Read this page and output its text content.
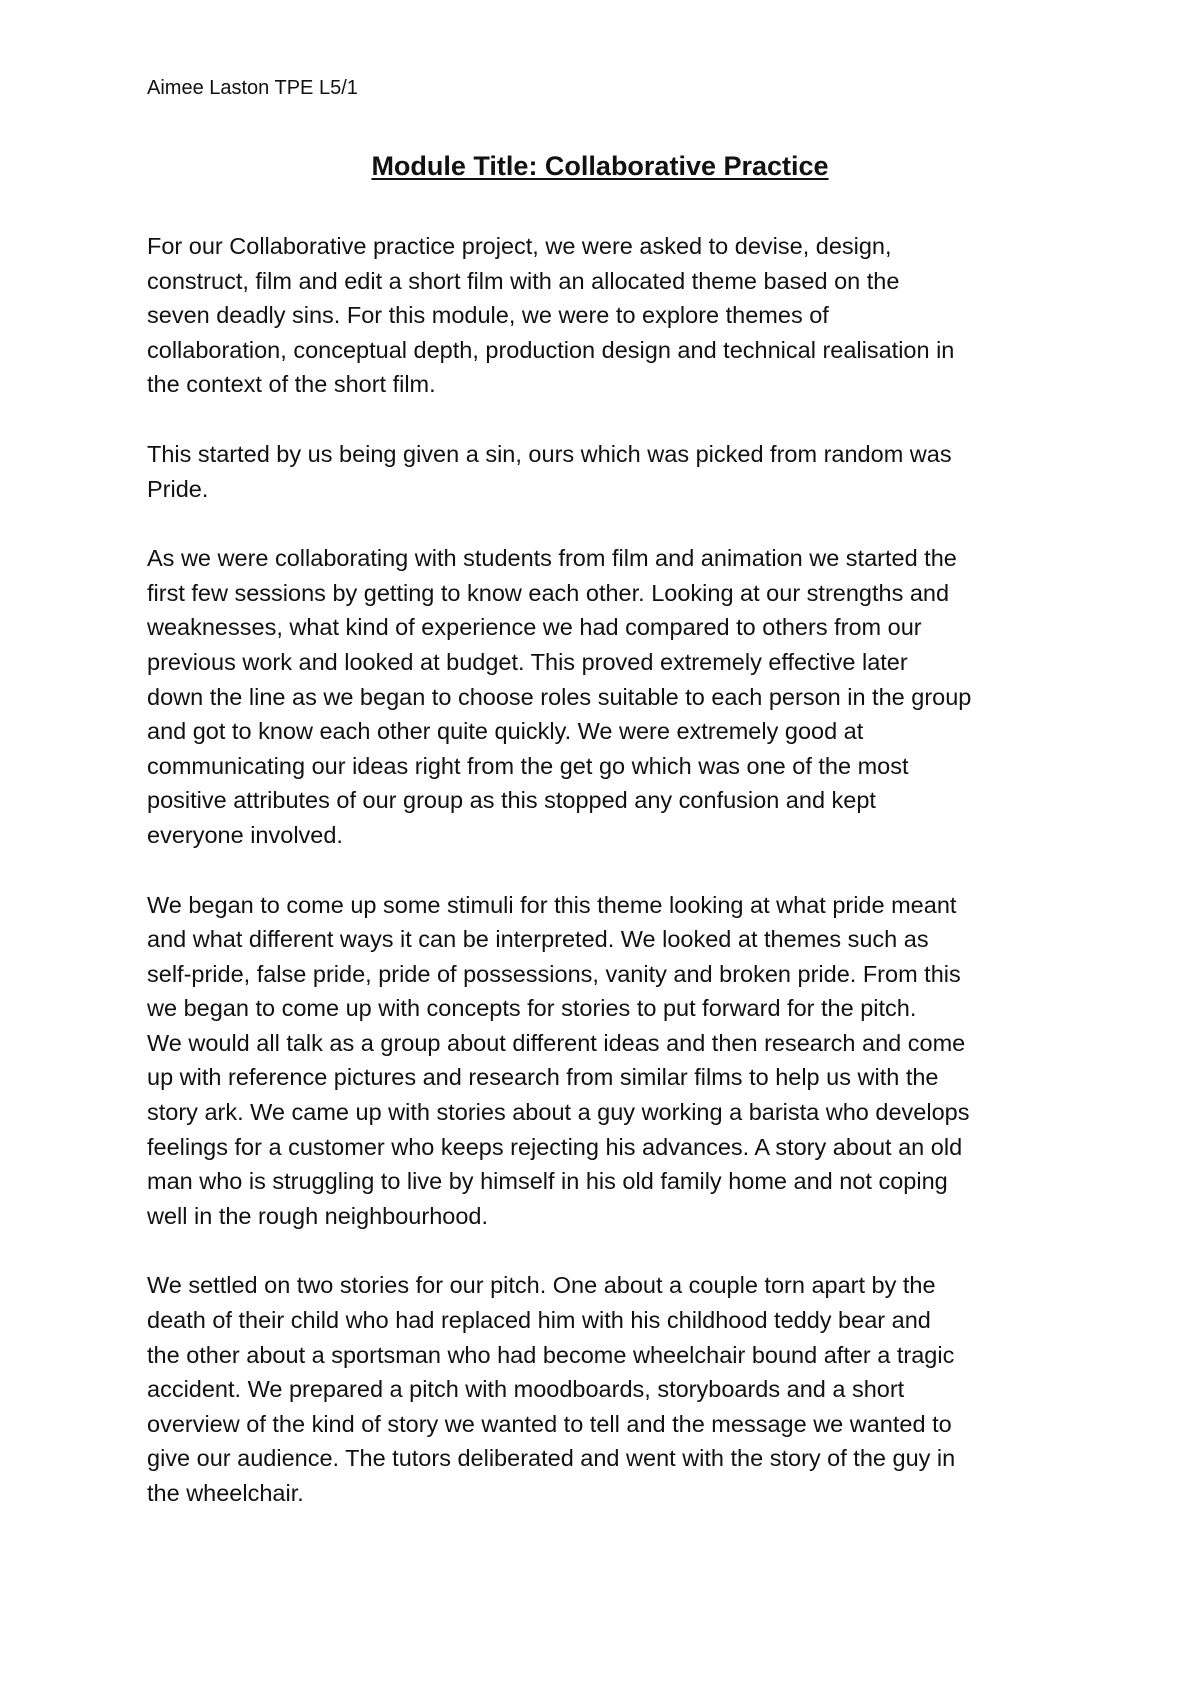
Aimee Laston TPE L5/1
Module Title: Collaborative Practice

For our Collaborative practice project, we were asked to devise, design,
construct, film and edit a short film with an allocated theme based on the
seven deadly sins. For this module, we were to explore themes of
collaboration, conceptual depth, production design and technical realisation in
the context of the short film.

This started by us being given a sin, ours which was picked from random was
Pride.

As we were collaborating with students from film and animation we started the
first few sessions by getting to know each other. Looking at our strengths and
weaknesses, what kind of experience we had compared to others from our
previous work and looked at budget. This proved extremely effective later
down the line as we began to choose roles suitable to each person in the group
and got to know each other quite quickly. We were extremely good at
communicating our ideas right from the get go which was one of the most
positive attributes of our group as this stopped any confusion and kept
everyone involved.

We began to come up some stimuli for this theme looking at what pride meant
and what different ways it can be interpreted. We looked at themes such as
self-pride, false pride, pride of possessions, vanity and broken pride. From this
we began to come up with concepts for stories to put forward for the pitch.
We would all talk as a group about different ideas and then research and come
up with reference pictures and research from similar films to help us with the
story ark. We came up with stories about a guy working a barista who develops
feelings for a customer who keeps rejecting his advances. A story about an old
man who is struggling to live by himself in his old family home and not coping
well in the rough neighbourhood.

We settled on two stories for our pitch. One about a couple torn apart by the
death of their child who had replaced him with his childhood teddy bear and
the other about a sportsman who had become wheelchair bound after a tragic
accident. We prepared a pitch with moodboards, storyboards and a short
overview of the kind of story we wanted to tell and the message we wanted to
give our audience. The tutors deliberated and went with the story of the guy in
the wheelchair.
